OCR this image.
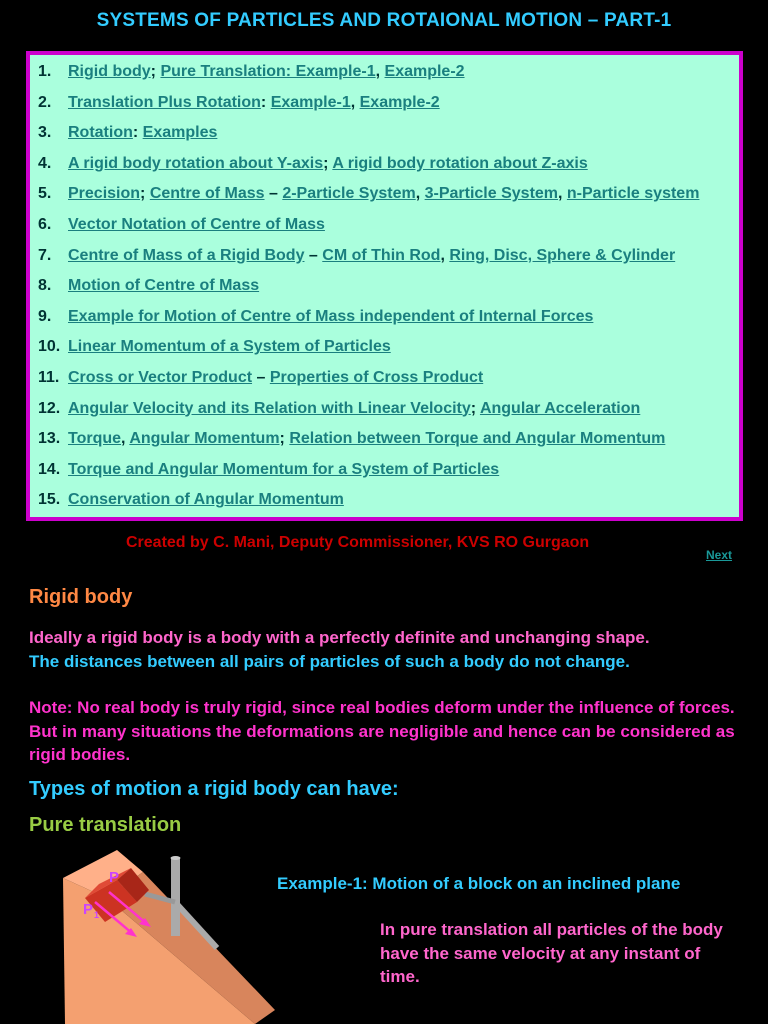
SYSTEMS OF PARTICLES AND ROTAIONAL MOTION – PART-1
1. Rigid body; Pure Translation: Example-1, Example-2
2. Translation Plus Rotation: Example-1, Example-2
3. Rotation: Examples
4. A rigid body rotation about Y-axis; A rigid body rotation about Z-axis
5. Precision; Centre of Mass – 2-Particle System, 3-Particle System, n-Particle system
6. Vector Notation of Centre of Mass
7. Centre of Mass of a Rigid Body – CM of Thin Rod, Ring, Disc, Sphere & Cylinder
8. Motion of Centre of Mass
9. Example for Motion of Centre of Mass independent of Internal Forces
10. Linear Momentum of a System of Particles
11. Cross or Vector Product – Properties of Cross Product
12. Angular Velocity and its Relation with Linear Velocity; Angular Acceleration
13. Torque, Angular Momentum; Relation between Torque and Angular Momentum
14. Torque and Angular Momentum for a System of Particles
15. Conservation of Angular Momentum
Created by C. Mani, Deputy Commissioner, KVS RO Gurgaon
Next
Rigid body
Ideally a rigid body is a body with a perfectly definite and unchanging shape.
The distances between all pairs of particles of such a body do not change.
Note: No real body is truly rigid, since real bodies deform under the influence of forces. But in many situations the deformations are negligible and hence can be considered as rigid bodies.
Types of motion a rigid body can have:
Pure translation
P
P 1
Example-1: Motion of a block on an inclined plane
In pure translation all particles of the body have the same velocity at any instant of time.
